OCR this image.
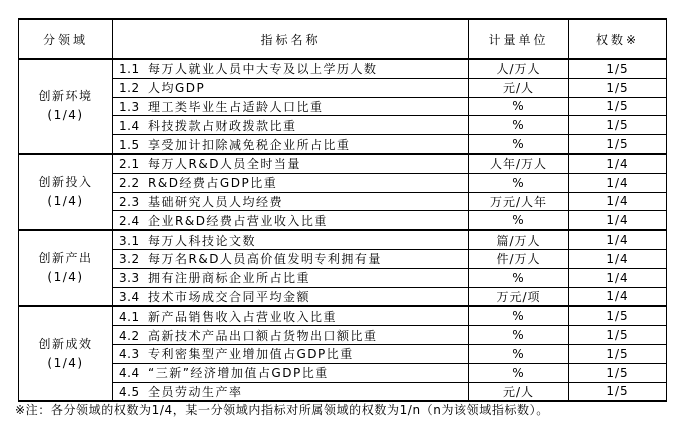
分领域	指标名称	计量单位	权数※

创新环境
(1/4)	1.1 每万人就业人员中大专及以上学历人数	人/万人	1/5
	1.2 人均GDP	元/人	1/5
	1.3 理工类毕业生占适龄人口比重	%	1/5
	1.4 科技拨款占财政拨款比重	%	1/5
	1.5 享受加计扣除减免税企业所占比重	%	1/5

创新投入
(1/4)	2.1 每万人R&D人员全时当量	人年/万人	1/4
	2.2 R&D经费占GDP比重	%	1/4
	2.3 基础研究人员人均经费	万元/人年	1/4
	2.4 企业R&D经费占营业收入比重	%	1/4

创新产出
(1/4)	3.1 每万人科技论文数	篇/万人	1/4
	3.2 每万名R&D人员高价值发明专利拥有量	件/万人	1/4
	3.3 拥有注册商标企业所占比重	%	1/4
	3.4 技术市场成交合同平均金额	万元/项	1/4

创新成效
(1/4)	4.1 新产品销售收入占营业收入比重	%	1/5
	4.2 高新技术产品出口额占货物出口额比重	%	1/5
	4.3 专利密集型产业增加值占GDP比重	%	1/5
	4.4 “三新”经济增加值占GDP比重	%	1/5
	4.5 全员劳动生产率	元/人	1/5
※注：各分领域的权数为1/4，某一分领域内指标对所属领域的权数为1/n（n为该领域指标数）。
